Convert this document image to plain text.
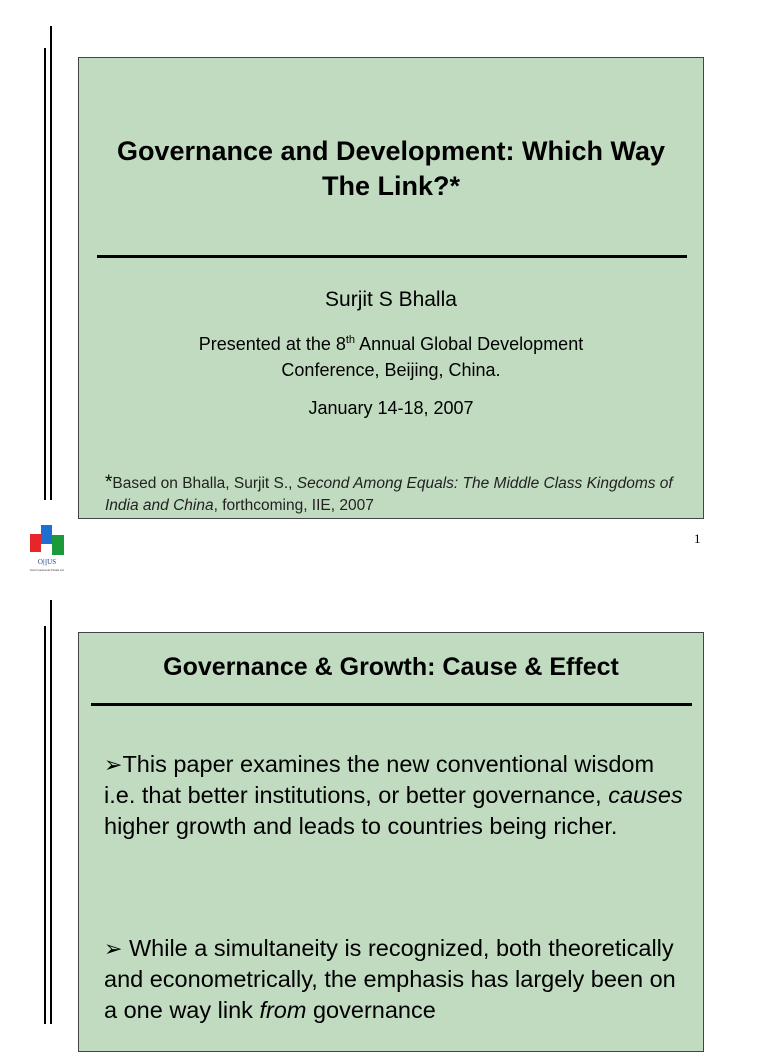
Governance and Development: Which Way The Link?*
Surjit S Bhalla
Presented at the 8th Annual Global Development
Conference, Beijing, China.
January 14-18, 2007
*Based on Bhalla, Surjit S., Second Among Equals: The Middle Class Kingdoms of India and China, forthcoming, IIE, 2007
O|||US
Oxus Investments Private Ltd.
1
Governance & Growth: Cause & Effect
➢This paper examines the new conventional wisdom i.e. that better institutions, or better governance, causes higher growth and leads to countries being richer.
➢ While a simultaneity is recognized, both theoretically and econometrically, the emphasis has largely been on a one way link from governance
